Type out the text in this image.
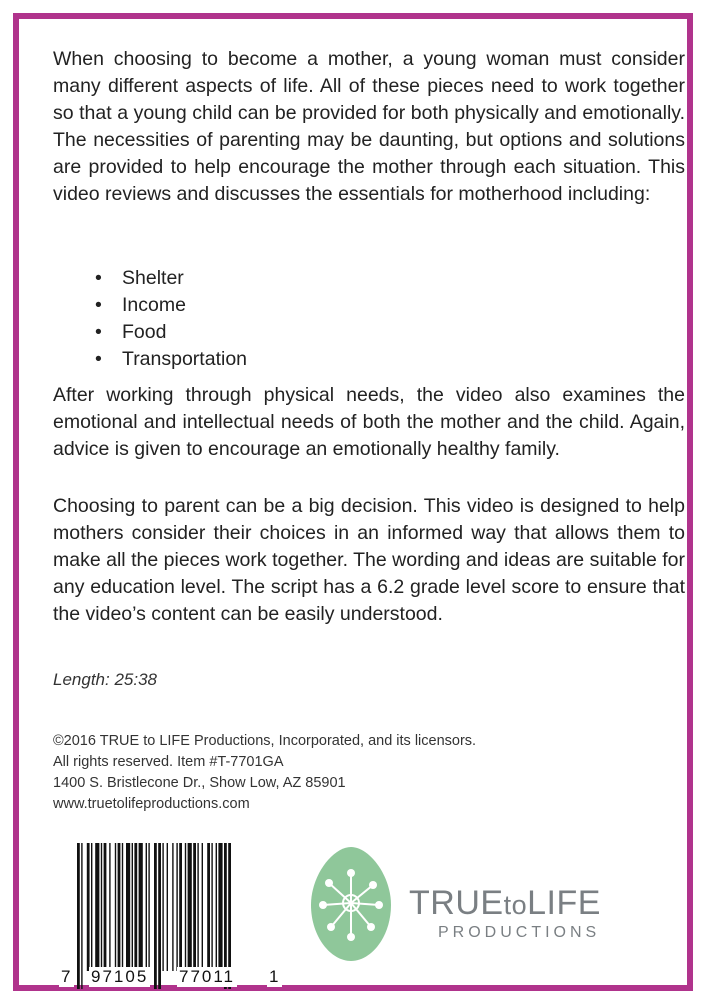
When choosing to become a mother, a young woman must consider many different aspects of life. All of these pieces need to work together so that a young child can be provided for both physically and emotionally. The necessities of parenting may be daunting, but options and solutions are provided to help encourage the mother through each situation. This video reviews and discusses the essentials for motherhood including:

• Shelter
• Income
• Food
• Transportation

After working through physical needs, the video also examines the emotional and intellectual needs of both the mother and the child. Again, advice is given to encourage an emotionally healthy family.

Choosing to parent can be a big decision. This video is designed to help mothers consider their choices in an informed way that allows them to make all the pieces work together. The wording and ideas are suitable for any education level. The script has a 6.2 grade level score to ensure that the video’s content can be easily understood.

Length: 25:38
©2016 TRUE to LIFE Productions, Incorporated, and its licensors.
All rights reserved. Item #T-7701GA
1400 S. Bristlecone Dr., Show Low, AZ 85901
www.truetolifeproductions.com
7 97105 77011 1
TRUEtoLIFE
PRODUCTIONS
